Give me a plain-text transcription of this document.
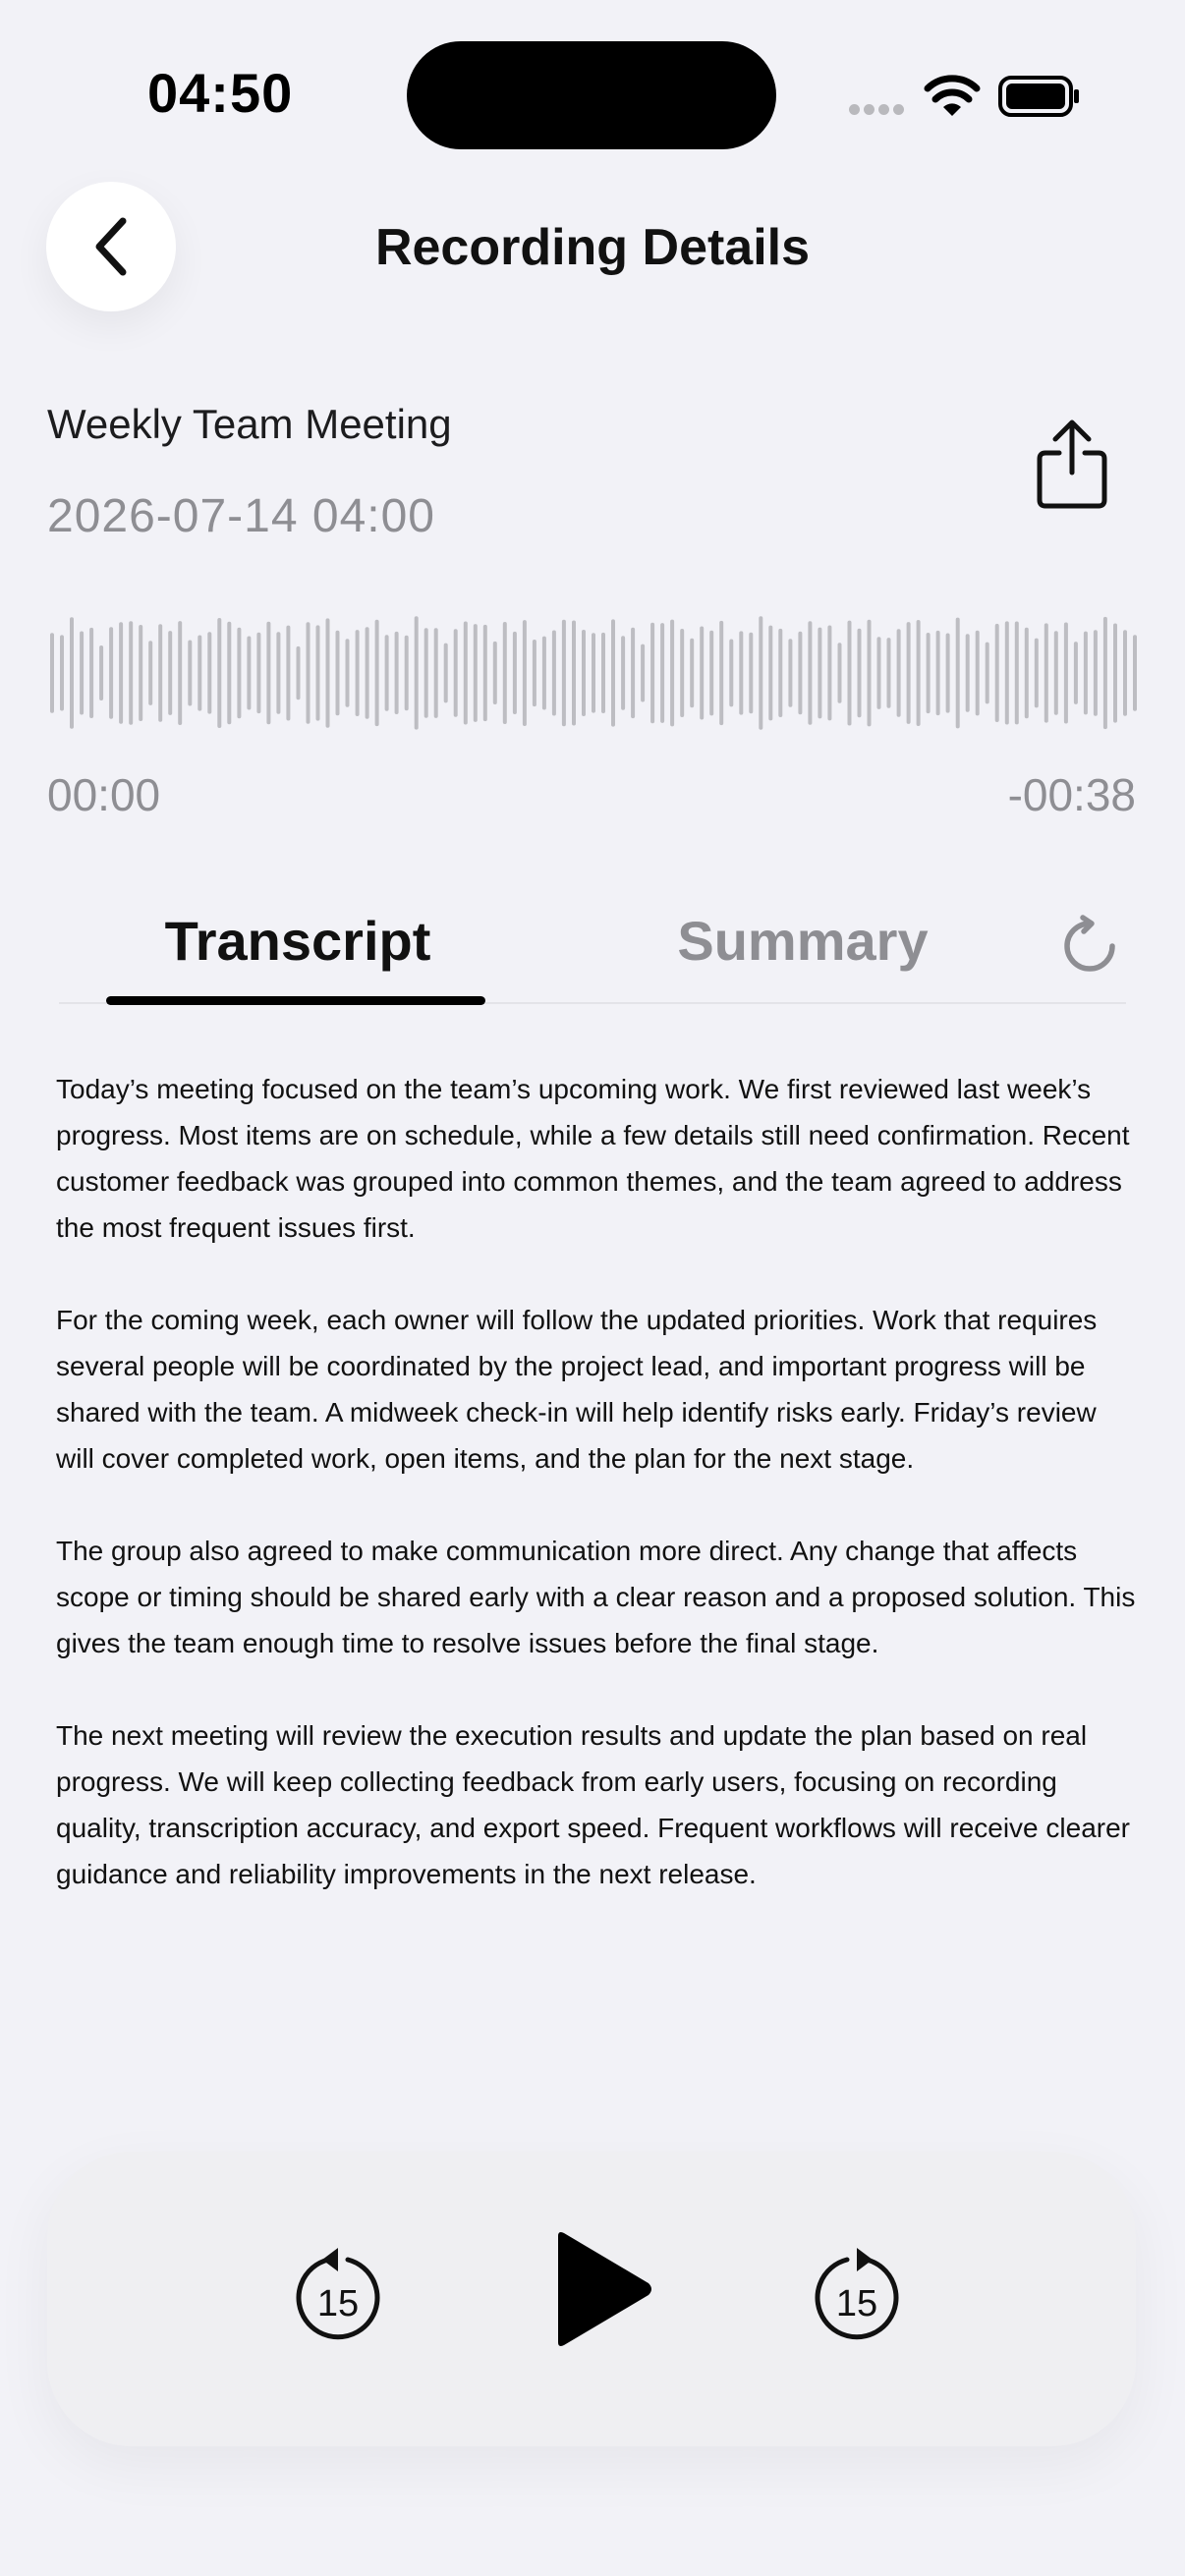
04:50
Recording Details
Weekly Team Meeting
2026-07-14 04:00
00:00	-00:38
Transcript	Summary

Today’s meeting focused on the team’s upcoming work. We first reviewed last week’s progress. Most items are on schedule, while a few details still need confirmation. Recent customer feedback was grouped into common themes, and the team agreed to address the most frequent issues first.

For the coming week, each owner will follow the updated priorities. Work that requires several people will be coordinated by the project lead, and important progress will be shared with the team. A midweek check-in will help identify risks early. Friday’s review will cover completed work, open items, and the plan for the next stage.

The group also agreed to make communication more direct. Any change that affects scope or timing should be shared early with a clear reason and a proposed solution. This gives the team enough time to resolve issues before the final stage.

The next meeting will review the execution results and update the plan based on real progress. We will keep collecting feedback from early users, focusing on recording quality, transcription accuracy, and export speed. Frequent workflows will receive clearer guidance and reliability improvements in the next release.

15	15
